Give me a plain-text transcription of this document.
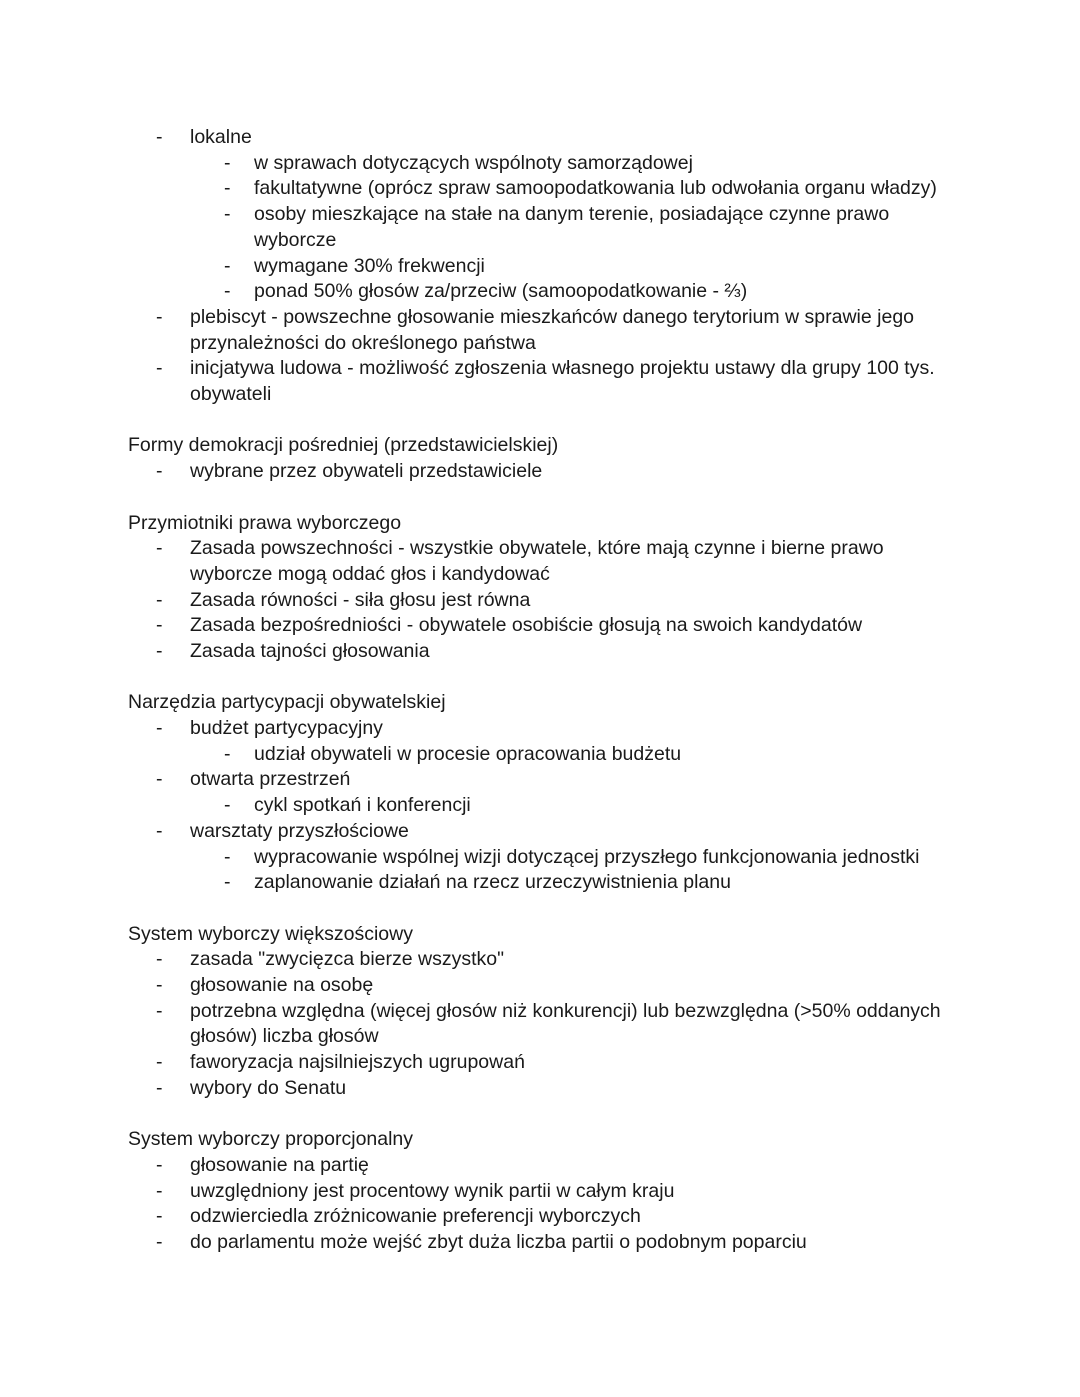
- lokalne
- w sprawach dotyczących wspólnoty samorządowej
- fakultatywne (oprócz spraw samoopodatkowania lub odwołania organu władzy)
- osoby mieszkające na stałe na danym terenie, posiadające czynne prawo wyborcze
- wymagane 30% frekwencji
- ponad 50% głosów za/przeciw (samoopodatkowanie - ⅔)
- plebiscyt - powszechne głosowanie mieszkańców danego terytorium w sprawie jego przynależności do określonego państwa
- inicjatywa ludowa - możliwość zgłoszenia własnego projektu ustawy dla grupy 100 tys. obywateli
Formy demokracji pośredniej (przedstawicielskiej)
- wybrane przez obywateli przedstawiciele
Przymiotniki prawa wyborczego
- Zasada powszechności - wszystkie obywatele, które mają czynne i bierne prawo wyborcze mogą oddać głos i kandydować
- Zasada równości - siła głosu jest równa
- Zasada bezpośredniości - obywatele osobiście głosują na swoich kandydatów
- Zasada tajności głosowania
Narzędzia partycypacji obywatelskiej
- budżet partycypacyjny
- udział obywateli w procesie opracowania budżetu
- otwarta przestrzeń
- cykl spotkań i konferencji
- warsztaty przyszłościowe
- wypracowanie wspólnej wizji dotyczącej przyszłego funkcjonowania jednostki
- zaplanowanie działań na rzecz urzeczywistnienia planu
System wyborczy większościowy
- zasada "zwycięzca bierze wszystko"
- głosowanie na osobę
- potrzebna względna (więcej głosów niż konkurencji) lub bezwzględna (>50% oddanych głosów) liczba głosów
- faworyzacja najsilniejszych ugrupowań
- wybory do Senatu
System wyborczy proporcjonalny
- głosowanie na partię
- uwzględniony jest procentowy wynik partii w całym kraju
- odzwierciedla zróżnicowanie preferencji wyborczych
- do parlamentu może wejść zbyt duża liczba partii o podobnym poparciu
